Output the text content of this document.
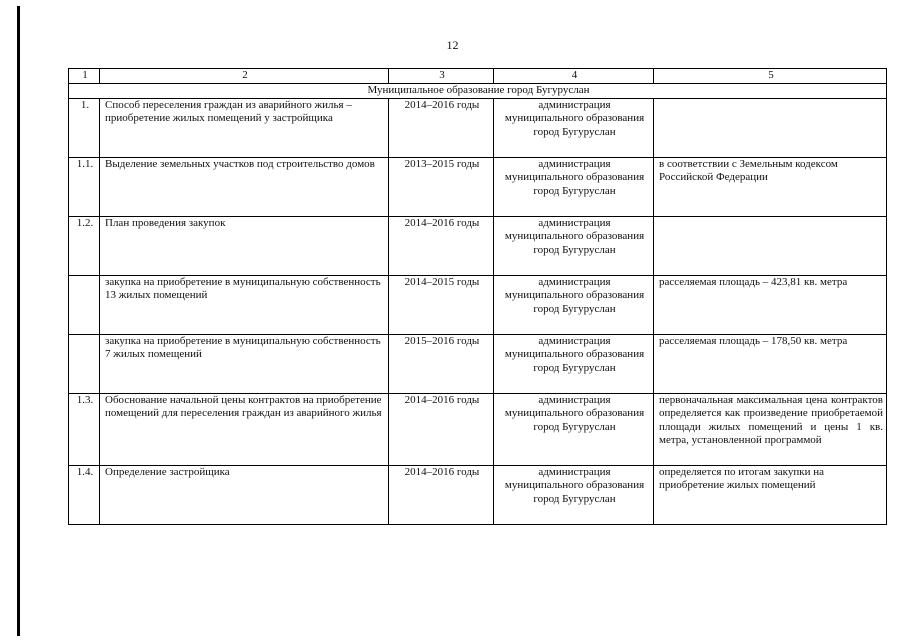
12
1	2	3	4	5
Муниципальное образование город Бугуруслан				
1.	Способ переселения граждан из аварийного жилья – приобретение жилых помещений у застройщика	2014–2016 годы	администрация муниципального образования город Бугуруслан	
1.1.	Выделение земельных участков под строительство домов	2013–2015 годы	администрация муниципального образования город Бугуруслан	в соответствии с Земельным кодексом Российской Федерации
1.2.	План проведения закупок	2014–2016 годы	администрация муниципального образования город Бугуруслан	
	закупка на приобретение в муниципальную собственность 13 жилых помещений	2014–2015 годы	администрация муниципального образования город Бугуруслан	расселяемая площадь – 423,81 кв. метра
	закупка на приобретение в муниципальную собственность 7 жилых помещений	2015–2016 годы	администрация муниципального образования город Бугуруслан	расселяемая площадь – 178,50 кв. метра
1.3.	Обоснование начальной цены контрактов на приобретение помещений для переселения граждан из аварийного жилья	2014–2016 годы	администрация муниципального образования город Бугуруслан	первоначальная максимальная цена контрактов определяется как произведение приобретаемой площади жилых помещений и цены 1 кв. метра, установленной программой
1.4.	Определение застройщика	2014–2016 годы	администрация муниципального образования город Бугуруслан	определяется по итогам закупки на приобретение жилых помещений
